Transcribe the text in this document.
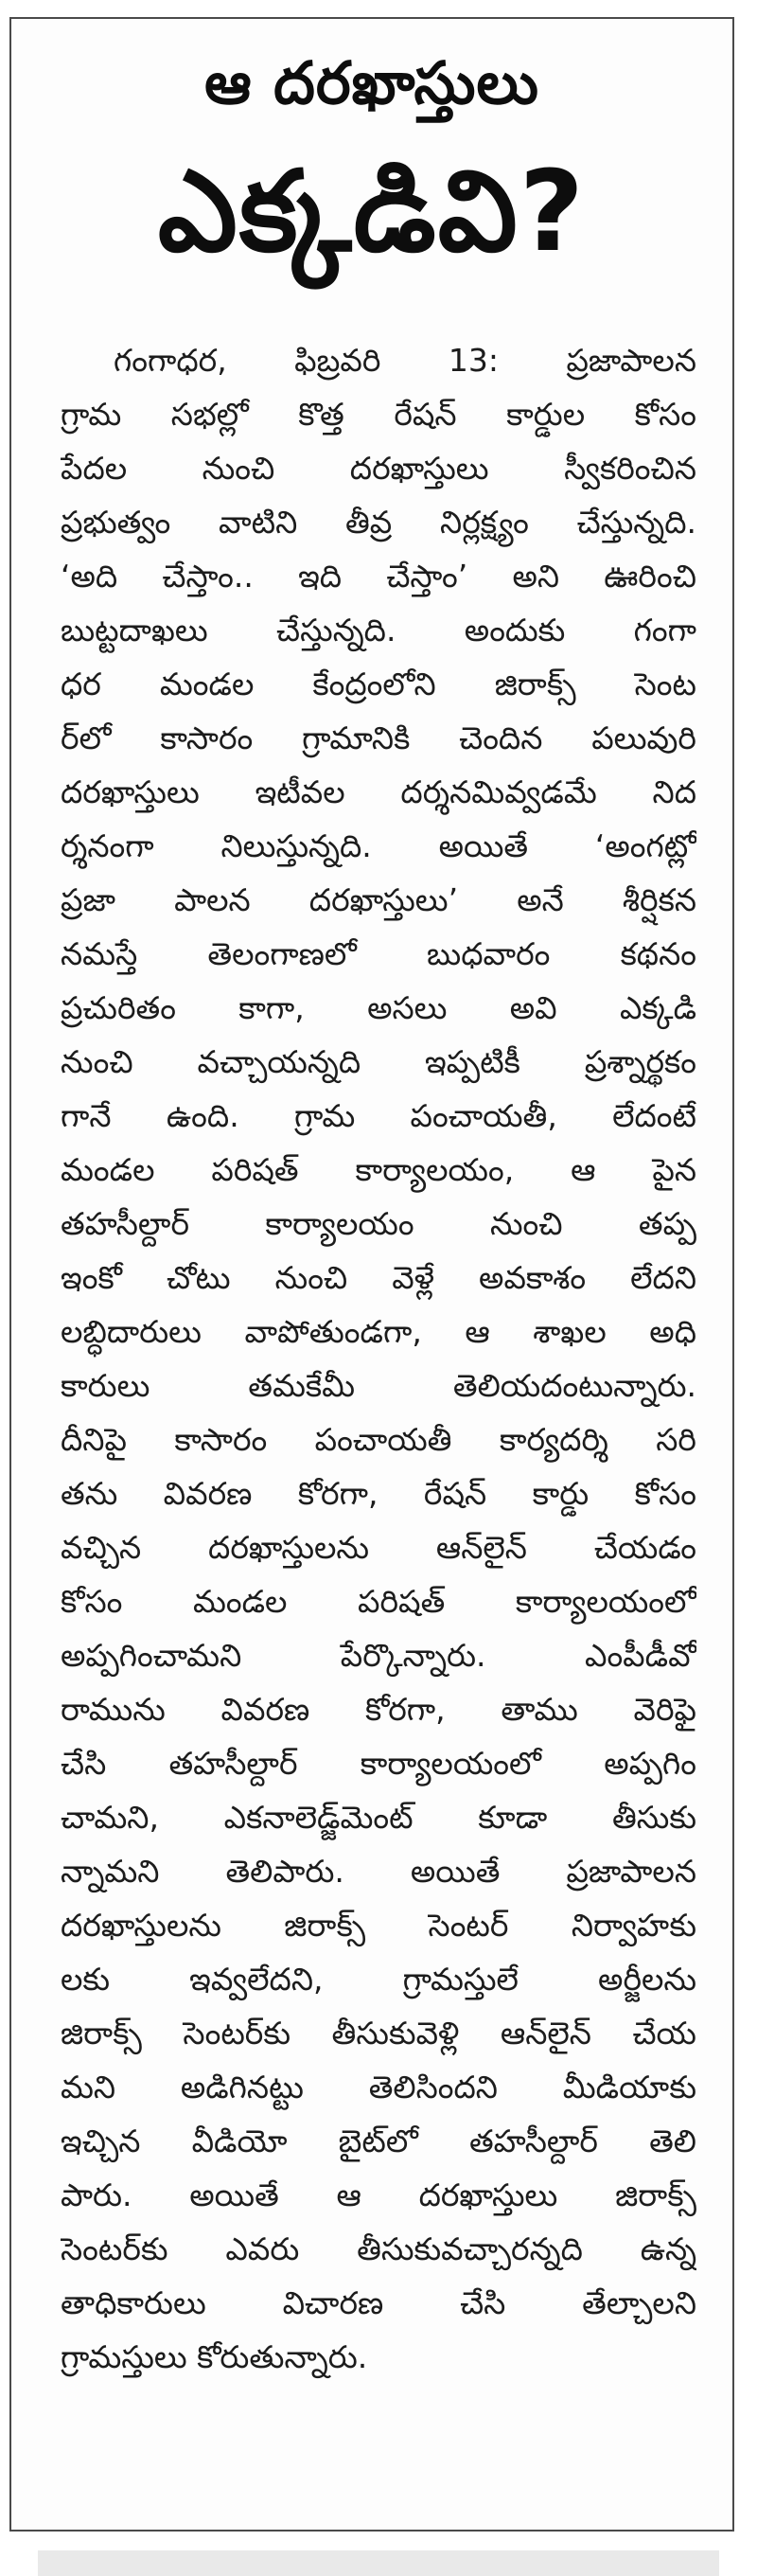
ఆ దరఖాస్తులు
ఎక్కడివి?
గంగాధర, ఫిబ్రవరి 13: ప్రజాపాలన
గ్రామ సభల్లో కొత్త రేషన్ కార్డుల కోసం
పేదల నుంచి దరఖాస్తులు స్వీకరించిన
ప్రభుత్వం వాటిని తీవ్ర నిర్లక్ష్యం చేస్తున్నది.
‘అది చేస్తాం.. ఇది చేస్తాం’ అని ఊరించి
బుట్టదాఖలు చేస్తున్నది. అందుకు గంగా
ధర మండల కేంద్రంలోని జిరాక్స్ సెంట
ర్‌లో కాసారం గ్రామానికి చెందిన పలువురి
దరఖాస్తులు ఇటీవల దర్శనమివ్వడమే నిద
ర్శనంగా నిలుస్తున్నది. అయితే ‘అంగట్లో
ప్రజా పాలన దరఖాస్తులు’ అనే శీర్షికన
నమస్తే తెలంగాణలో బుధవారం కథనం
ప్రచురితం కాగా, అసలు అవి ఎక్కడి
నుంచి వచ్చాయన్నది ఇప్పటికీ ప్రశ్నార్థకం
గానే ఉంది. గ్రామ పంచాయతీ, లేదంటే
మండల పరిషత్ కార్యాలయం, ఆ పైన
తహసీల్దార్ కార్యాలయం నుంచి తప్ప
ఇంకో చోటు నుంచి వెళ్లే అవకాశం లేదని
లబ్ధిదారులు వాపోతుండగా, ఆ శాఖల అధి
కారులు తమకేమీ తెలియదంటున్నారు.
దీనిపై కాసారం పంచాయతీ కార్యదర్శి సరి
తను వివరణ కోరగా, రేషన్ కార్డు కోసం
వచ్చిన దరఖాస్తులను ఆన్‌లైన్ చేయడం
కోసం మండల పరిషత్ కార్యాలయంలో
అప్పగించామని పేర్కొన్నారు. ఎంపీడీవో
రామును వివరణ కోరగా, తాము వెరిఫై
చేసి తహసీల్దార్ కార్యాలయంలో అప్పగిం
చామని, ఎకనాలెడ్జ్‌మెంట్ కూడా తీసుకు
న్నామని తెలిపారు. అయితే ప్రజాపాలన
దరఖాస్తులను జిరాక్స్ సెంటర్ నిర్వాహకు
లకు ఇవ్వలేదని, గ్రామస్తులే అర్జీలను
జిరాక్స్ సెంటర్‌కు తీసుకువెళ్లి ఆన్‌లైన్ చేయ
మని అడిగినట్టు తెలిసిందని మీడియాకు
ఇచ్చిన వీడియో బైట్‌లో తహసీల్దార్ తెలి
పారు. అయితే ఆ దరఖాస్తులు జిరాక్స్
సెంటర్‌కు ఎవరు తీసుకువచ్చారన్నది ఉన్న
తాధికారులు విచారణ చేసి తేల్చాలని
గ్రామస్తులు కోరుతున్నారు.
